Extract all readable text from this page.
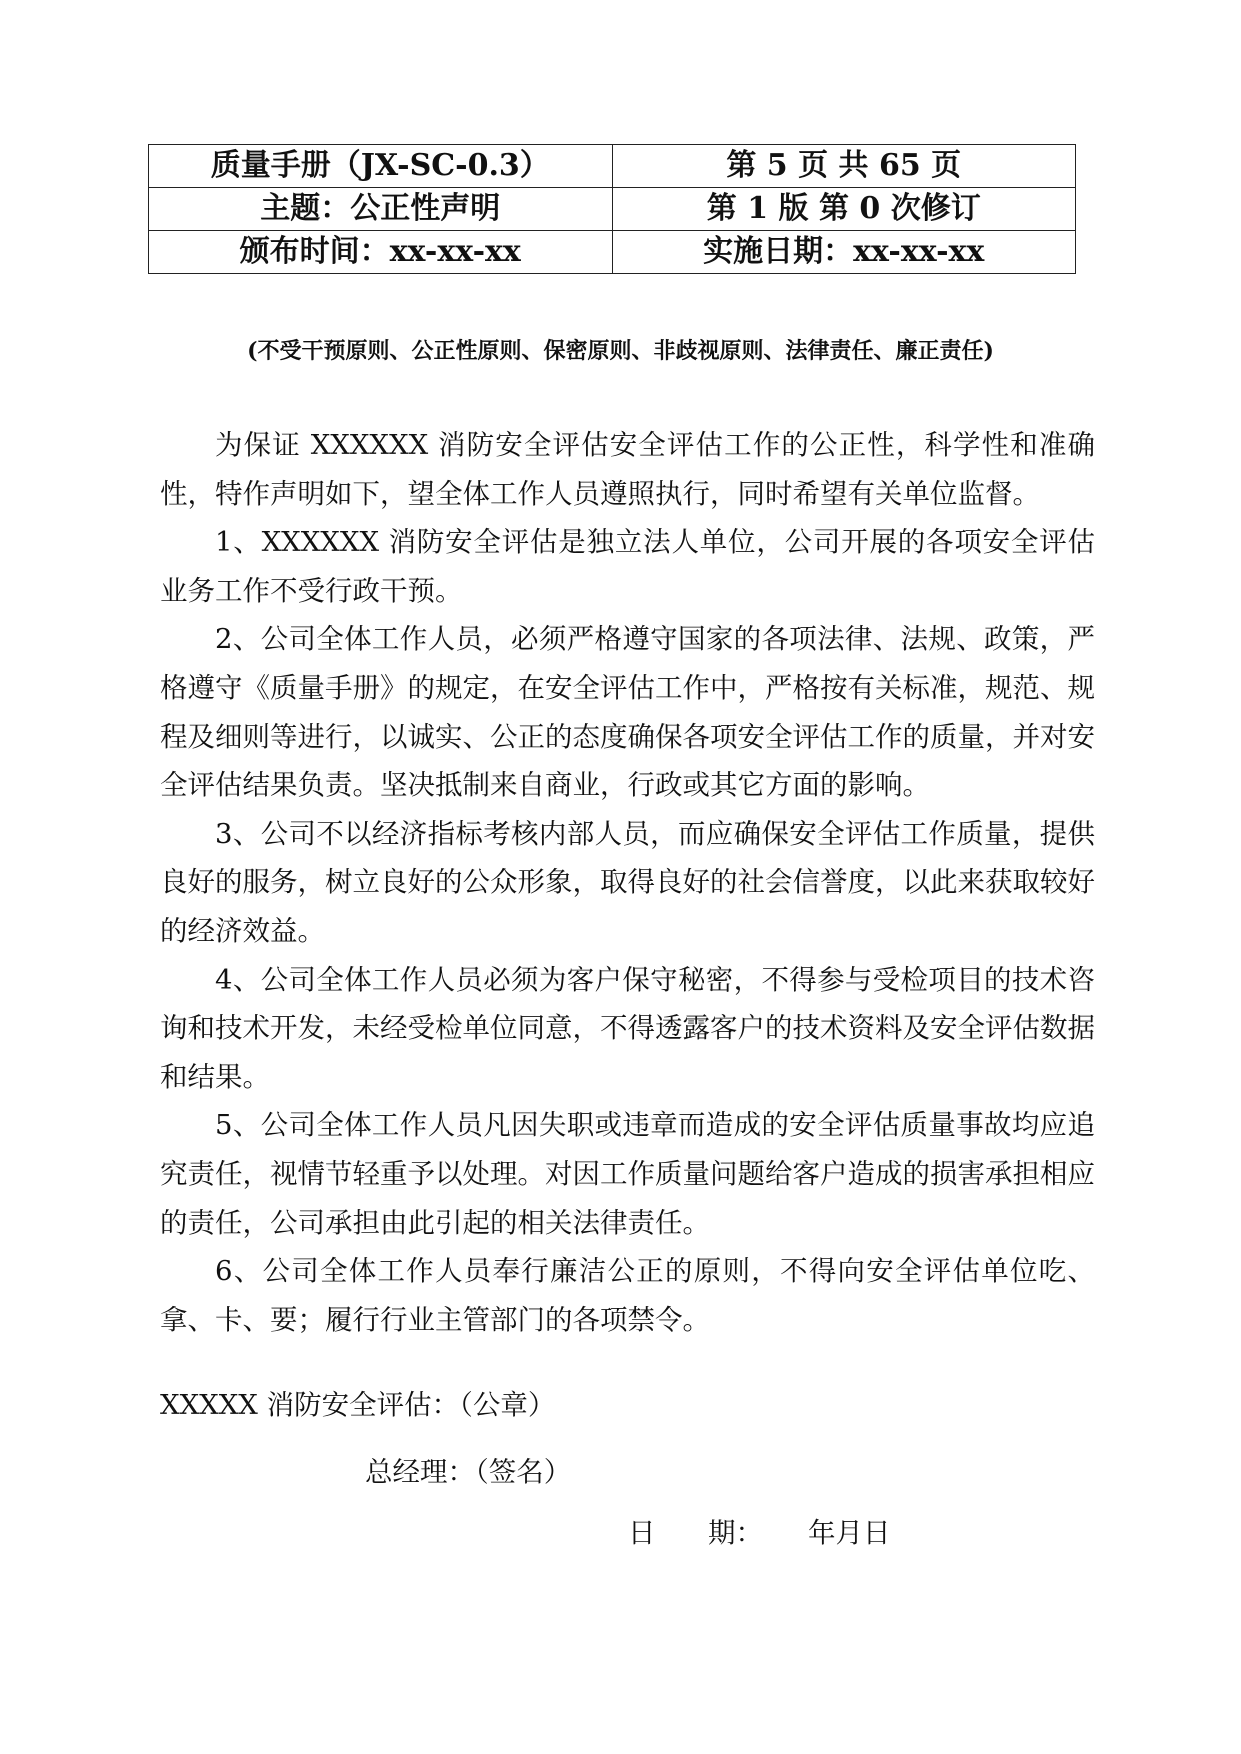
质量手册（JX-SC-0.3）	第 5 页 共 65 页
主题：公正性声明	第 1 版 第 0 次修订
颁布时间：xx-xx-xx	实施日期：xx-xx-xx
(不受干预原则、公正性原则、保密原则、非歧视原则、法律责任、廉正责任)

为保证 XXXXXX 消防安全评估安全评估工作的公正性，科学性和准确性，特作声明如下，望全体工作人员遵照执行，同时希望有关单位监督。

1、XXXXXX 消防安全评估是独立法人单位，公司开展的各项安全评估业务工作不受行政干预。

2、公司全体工作人员，必须严格遵守国家的各项法律、法规、政策，严格遵守《质量手册》的规定，在安全评估工作中，严格按有关标准，规范、规程及细则等进行，以诚实、公正的态度确保各项安全评估工作的质量，并对安全评估结果负责。坚决抵制来自商业，行政或其它方面的影响。

3、公司不以经济指标考核内部人员，而应确保安全评估工作质量，提供良好的服务，树立良好的公众形象，取得良好的社会信誉度，以此来获取较好的经济效益。

4、公司全体工作人员必须为客户保守秘密，不得参与受检项目的技术咨询和技术开发，未经受检单位同意，不得透露客户的技术资料及安全评估数据和结果。

5、公司全体工作人员凡因失职或违章而造成的安全评估质量事故均应追究责任，视情节轻重予以处理。对因工作质量问题给客户造成的损害承担相应的责任，公司承担由此引起的相关法律责任。

6、公司全体工作人员奉行廉洁公正的原则，不得向安全评估单位吃、拿、卡、要；履行行业主管部门的各项禁令。

XXXXX 消防安全评估：（公章）
总经理：（签名）
日 期： 年月日
